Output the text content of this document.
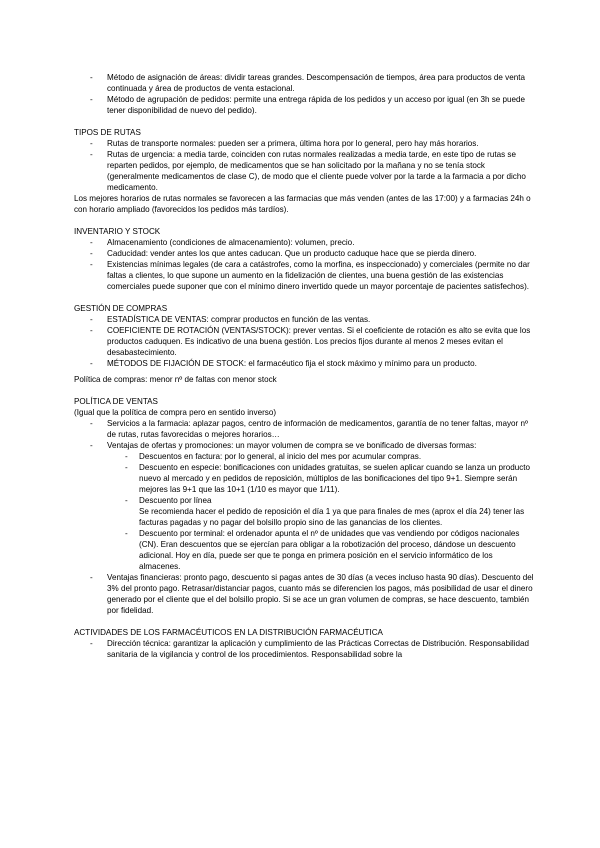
- Método de asignación de áreas: dividir tareas grandes. Descompensación de tiempos, área para productos de venta continuada y área de productos de venta estacional.
- Método de agrupación de pedidos: permite una entrega rápida de los pedidos y un acceso por igual (en 3h se puede tener disponibilidad de nuevo del pedido).

TIPOS DE RUTAS

- Rutas de transporte normales: pueden ser a primera, última hora por lo general, pero hay más horarios.
- Rutas de urgencia: a media tarde, coinciden con rutas normales realizadas a media tarde, en este tipo de rutas se reparten pedidos, por ejemplo, de medicamentos que se han solicitado por la mañana y no se tenía stock (generalmente medicamentos de clase C), de modo que el cliente puede volver por la tarde a la farmacia a por dicho medicamento.

Los mejores horarios de rutas normales se favorecen a las farmacias que más venden (antes de las 17:00) y a farmacias 24h o con horario ampliado (favorecidos los pedidos más tardíos).

INVENTARIO Y STOCK

- Almacenamiento (condiciones de almacenamiento): volumen, precio.
- Caducidad: vender antes los que antes caducan. Que un producto caduque hace que se pierda dinero.
- Existencias mínimas legales (de cara a catástrofes, como la morfina, es inspeccionado) y comerciales (permite no dar faltas a clientes, lo que supone un aumento en la fidelización de clientes, una buena gestión de las existencias comerciales puede suponer que con el mínimo dinero invertido quede un mayor porcentaje de pacientes satisfechos).

GESTIÓN DE COMPRAS

- ESTADÍSTICA DE VENTAS: comprar productos en función de las ventas.
- COEFICIENTE DE ROTACIÓN (VENTAS/STOCK): prever ventas. Si el coeficiente de rotación es alto se evita que los productos caduquen. Es indicativo de una buena gestión. Los precios fijos durante al menos 2 meses evitan el desabastecimiento.
- MÉTODOS DE FIJACIÓN DE STOCK: el farmacéutico fija el stock máximo y mínimo para un producto.

Política de compras: menor nº de faltas con menor stock

POLÍTICA DE VENTAS

(Igual que la política de compra pero en sentido inverso)

- Servicios a la farmacia: aplazar pagos, centro de información de medicamentos, garantía de no tener faltas, mayor nº de rutas, rutas favorecidas o mejores horarios…
- Ventajas de ofertas y promociones: un mayor volumen de compra se ve bonificado de diversas formas:
- Descuentos en factura: por lo general, al inicio del mes por acumular compras.
- Descuento en especie: bonificaciones con unidades gratuitas, se suelen aplicar cuando se lanza un producto nuevo al mercado y en pedidos de reposición, múltiplos de las bonificaciones del tipo 9+1. Siempre serán mejores las 9+1 que las 10+1 (1/10 es mayor que 1/11).
- Descuento por línea
Se recomienda hacer el pedido de reposición el día 1 ya que para finales de mes (aprox el día 24) tener las facturas pagadas y no pagar del bolsillo propio sino de las ganancias de los clientes.
- Descuento por terminal: el ordenador apunta el nº de unidades que vas vendiendo por códigos nacionales (CN). Eran descuentos que se ejercían para obligar a la robotización del proceso, dándose un descuento adicional. Hoy en día, puede ser que te ponga en primera posición en el servicio informático de los almacenes.
- Ventajas financieras: pronto pago, descuento si pagas antes de 30 días (a veces incluso hasta 90 días). Descuento del 3% del pronto pago. Retrasar/distanciar pagos, cuanto más se diferencien los pagos, más posibilidad de usar el dinero generado por el cliente que el del bolsillo propio. Si se ace un gran volumen de compras, se hace descuento, también por fidelidad.

ACTIVIDADES DE LOS FARMACÉUTICOS EN LA DISTRIBUCIÓN FARMACÉUTICA

- Dirección técnica: garantizar la aplicación y cumplimiento de las Prácticas Correctas de Distribución. Responsabilidad sanitaria de la vigilancia y control de los procedimientos. Responsabilidad sobre la
